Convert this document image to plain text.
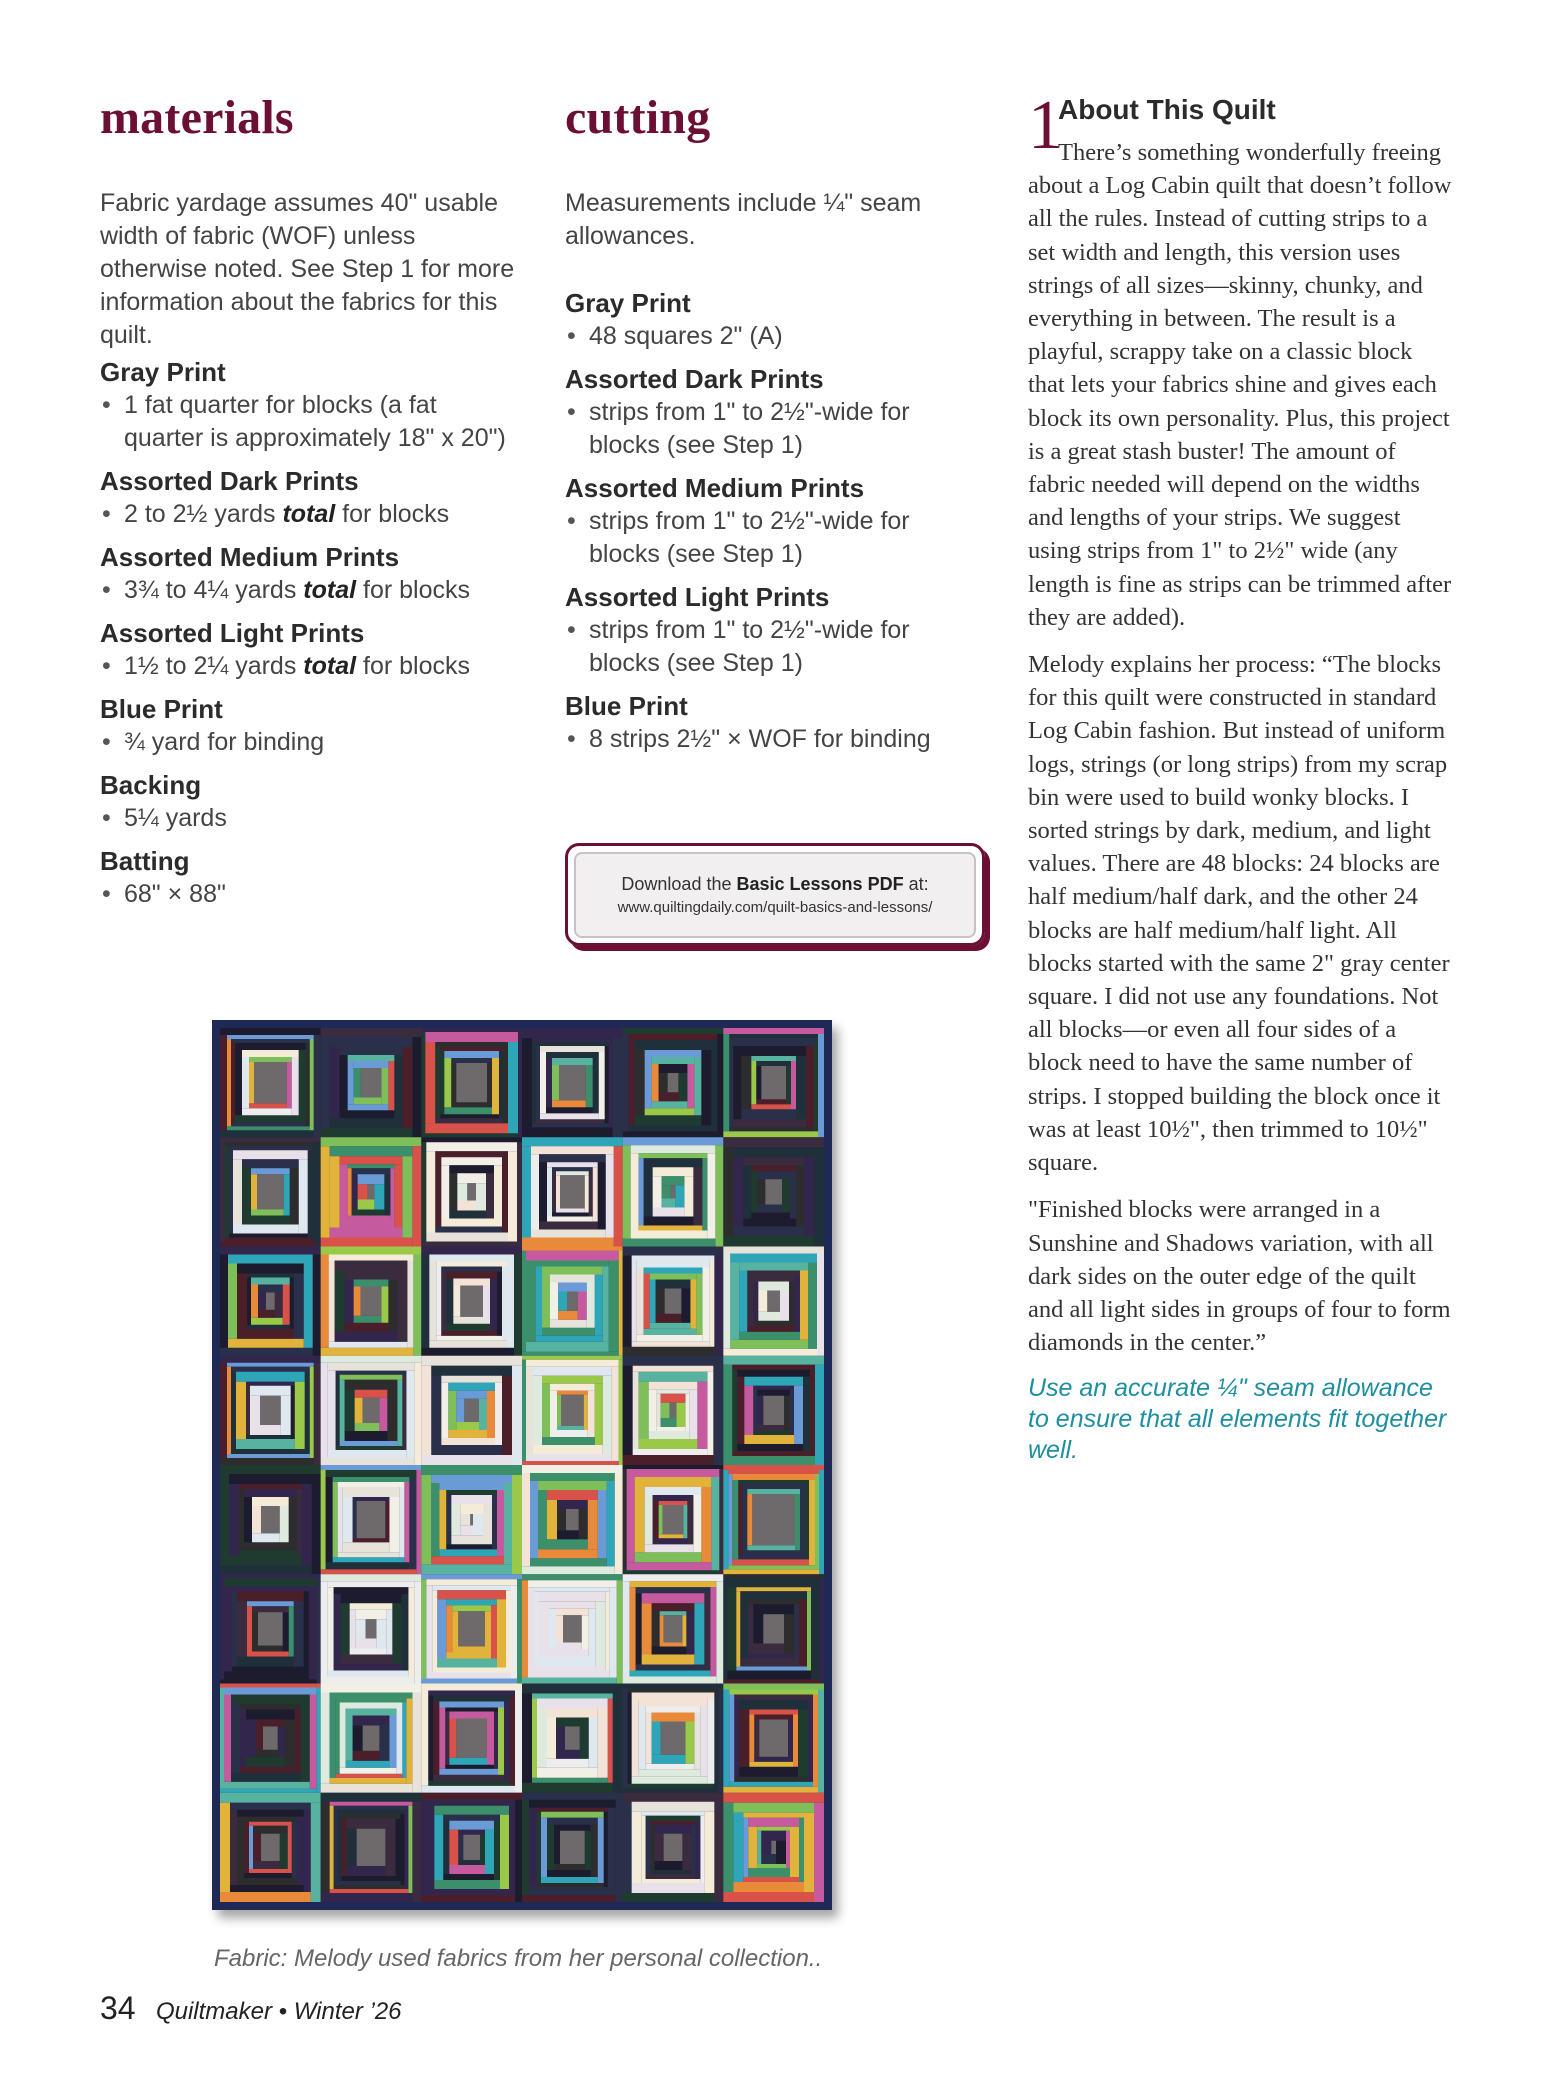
materials

Fabric yardage assumes 40" usable width of fabric (WOF) unless otherwise noted. See Step 1 for more information about the fabrics for this quilt.

Gray Print
• 1 fat quarter for blocks (a fat quarter is approximately 18" x 20")
Assorted Dark Prints
• 2 to 2½ yards total for blocks
Assorted Medium Prints
• 3¾ to 4¼ yards total for blocks
Assorted Light Prints
• 1½ to 2¼ yards total for blocks
Blue Print
• ¾ yard for binding
Backing
• 5¼ yards
Batting
• 68" × 88"
cutting

Measurements include ¼" seam allowances.

Gray Print
• 48 squares 2" (A)
Assorted Dark Prints
• strips from 1" to 2½"-wide for blocks (see Step 1)
Assorted Medium Prints
• strips from 1" to 2½"-wide for blocks (see Step 1)
Assorted Light Prints
• strips from 1" to 2½"-wide for blocks (see Step 1)
Blue Print
• 8 strips 2½" × WOF for binding
Download the Basic Lessons PDF at:
www.quiltingdaily.com/quilt-basics-and-lessons/
1
About This Quilt

There’s something wonderfully freeing about a Log Cabin quilt that doesn’t follow all the rules. Instead of cutting strips to a set width and length, this version uses strings of all sizes—skinny, chunky, and everything in between. The result is a playful, scrappy take on a classic block that lets your fabrics shine and gives each block its own personality. Plus, this project is a great stash buster! The amount of fabric needed will depend on the widths and lengths of your strips. We suggest using strips from 1" to 2½" wide (any length is fine as strips can be trimmed after they are added).

Melody explains her process: “The blocks for this quilt were constructed in standard Log Cabin fashion. But instead of uniform logs, strings (or long strips) from my scrap bin were used to build wonky blocks. I sorted strings by dark, medium, and light values. There are 48 blocks: 24 blocks are half medium/half dark, and the other 24 blocks are half medium/half light. All blocks started with the same 2" gray center square. I did not use any foundations. Not all blocks—or even all four sides of a block need to have the same number of strips. I stopped building the block once it was at least 10½", then trimmed to 10½" square.

"Finished blocks were arranged in a Sunshine and Shadows variation, with all dark sides on the outer edge of the quilt and all light sides in groups of four to form diamonds in the center.”

Use an accurate ¼" seam allowance to ensure that all elements fit together well.

Fabric: Melody used fabrics from her personal collection..
34 Quiltmaker • Winter ’26
